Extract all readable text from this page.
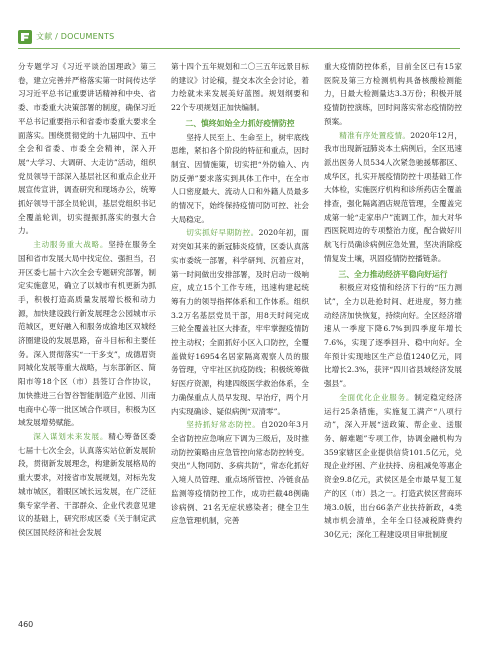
文献 / DOCUMENTS

分专题学习《习近平谈治国理政》第三卷，建立完善并严格落实第一时间传达学习习近平总书记重要讲话精神和中央、省委、市委重大决策部署的制度，确保习近平总书记重要指示和省委市委重大要求全面落实。围绕贯彻党的十九届四中、五中全会和省委、市委全会精神，深入开展“大学习、大调研、大走访”活动，组织党员领导干部深入基层社区和重点企业开展宣传宣讲，调查研究和现场办公，统筹抓好领导干部全员轮训，基层党组织书记全覆盖轮训，切实提振抓落实的强大合力。

主动服务重大战略。坚持在服务全国和省市发展大局中找定位、强担当，召开区委七届十六次全会专题研究部署，制定实施意见，确立了以城市有机更新为抓手，积极打造高质量发展增长极和动力源，加快建设践行新发展理念公园城市示范城区，更好融入和服务成渝地区双城经济圈建设的发展思路，奋斗目标和主要任务。深入贯彻落实“一干多支”，成德眉资同城化发展等重大战略，与东部新区、简阳市等18个区（市）县签订合作协议，加快推进三台智谷智能制造产业园、川南电商中心等一批区域合作项目，积极为区域发展增势赋能。

深入谋划未来发展。精心筹备区委七届十七次全会，认真落实站位新发展阶段，贯彻新发展理念，构建新发展格局的重大要求，对接省市发展规划，对标先发城市城区，着眼区域长远发展，在广泛征集专家学者、干部群众、企业代表意见建议的基础上，研究形成区委《关于制定武侯区国民经济和社会发展

第十四个五年规划和二〇三五年远景目标的建议》讨论稿，提交本次全会讨论，着力绘就未来发展美好蓝图。规划纲要和22个专项规划正加快编制。

二、慎终如始全力抓好疫情防控

坚持人民至上、生命至上，树牢底线思维，紧扣各个阶段的特征和重点，因时制宜、因情施策，切实把“外防输入、内防反弹”要求落实到具体工作中，在全市人口密度最大、流动人口和外籍人员最多的情况下，始终保持疫情可防可控、社会大局稳定。

切实抓好早期防控。2020年初，面对突如其来的新冠肺炎疫情，区委认真落实市委统一部署，科学研判、沉着应对，第一时间做出安排部署，及时启动一级响应，成立15个工作专班，迅速构建起统筹有力的领导指挥体系和工作体系。组织3.2万名基层党员干部，用8天时间完成三轮全覆盖社区大排查，牢牢掌握疫情防控主动权；全面抓好小区入口防控，全覆盖做好16954名居家隔离观察人员的服务管理，守牢社区抗疫防线；积极统筹做好医疗资源，构建四级医学救治体系，全力确保重点人员早发现、早治疗，两个月内实现确诊、疑似病例“双清零”。

坚持抓好常态防控。自2020年3月全省防控应急响应下调为三级后，及时推动防控策略由应急管控向常态防控转变。突出“人物同防、多病共防”，常态化抓好入境人员管理、重点场所管控、冷链食品监测等疫情防控工作，成功拦截48例确诊病例、21名无症状感染者；健全卫生应急管理机制，完善

重大疫情防控体系，目前全区已有15家医院及第三方检测机构具备核酸检测能力，日最大检测量达3.3万份；积极开展疫情防控演练，回时间落实常态疫情防控预案。

精准有序处置疫情。2020年12月，我市出现新冠肺炎本土病例后，全区迅速派出医务人员534人次紧急驰援郫都区、成华区，扎实开展疫情防控十项基础工作大体检，实施医疗机构和诊所药店全覆盖排查，强化隔离酒店规范管理，全覆盖完成第一轮“走家串户”流调工作，加大对华西医院周边的专项整治力度，配合做好川航飞行员确诊病例应急处置，坚决消除疫情复发土壤，巩固疫情防控播链条。

三、全力推动经济平稳向好运行

积极应对疫情和经济下行的“压力测试”，全力以赴抢时间、赶进度，努力推动经济加快恢复，持续向好。全区经济增速从一季度下降6.7%到四季度年增长7.6%，实现了逐季回升、稳中向好。全年预计实现地区生产总值1240亿元，同比增长2.3%，获评“四川省县域经济发展强县”。

全面优化企业服务。制定稳定经济运行25条措施，实施复工满产“八项行动”，深入开展“送政策、帮企业、送服务、解难题”专项工作，协调金融机构为359家辖区企业提供信贷101.5亿元，兑现企业纾困、产业扶持、房租减免等惠企资金9.8亿元，武侯区是全市最早复工复产的区（市）县之一。打造武侯区营商环境3.0版，出台66条产业扶持新政，4类城市机会清单，全年全口径减税降费约30亿元；深化工程建设项目审批制度

460
